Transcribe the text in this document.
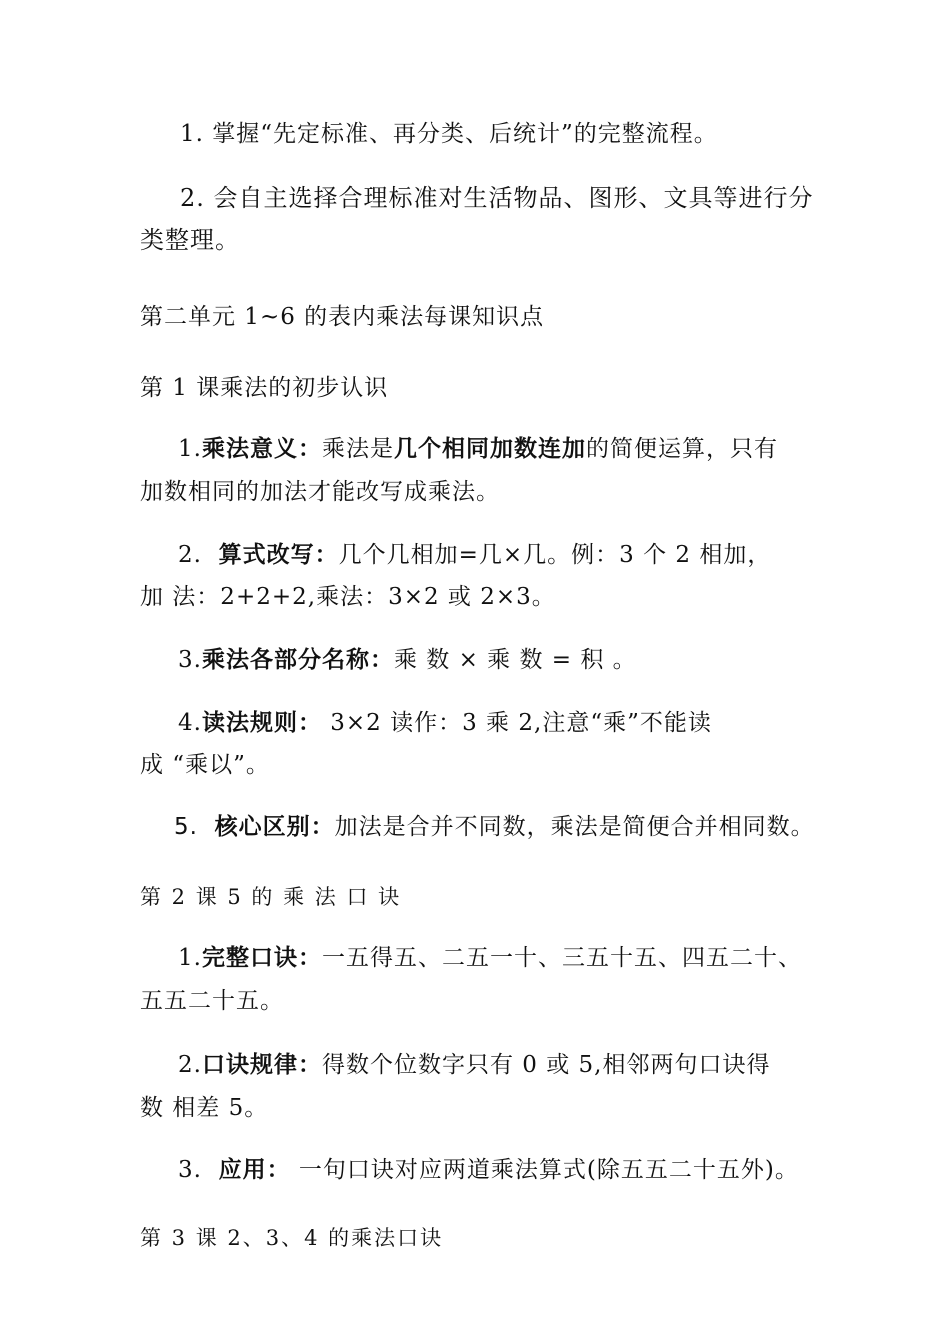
1. 掌握“先定标准、再分类、后统计”的完整流程。
2. 会自主选择合理标准对生活物品、图形、文具等进行分
类整理。
第二单元 1~6 的表内乘法每课知识点
第 1 课乘法的初步认识
1.乘法意义：乘法是几个相同加数连加的简便运算，只有
加数相同的加法才能改写成乘法。
2. 算式改写：几个几相加=几×几。例：3 个 2 相加，
加 法：2+2+2,乘法：3×2 或 2×3。
3.乘法各部分名称：乘 数 × 乘 数 = 积 。
4.读法规则： 3×2 读作：3 乘 2,注意“乘”不能读
成 “乘以”。
5. 核心区别：加法是合并不同数，乘法是简便合并相同数。
第 2 课 5 的 乘 法 口 诀
1.完整口诀：一五得五、二五一十、三五十五、四五二十、
五五二十五。
2.口诀规律：得数个位数字只有 0 或 5,相邻两句口诀得
数 相差 5。
3. 应用： 一句口诀对应两道乘法算式(除五五二十五外)。
第 3 课 2、3、4 的乘法口诀
